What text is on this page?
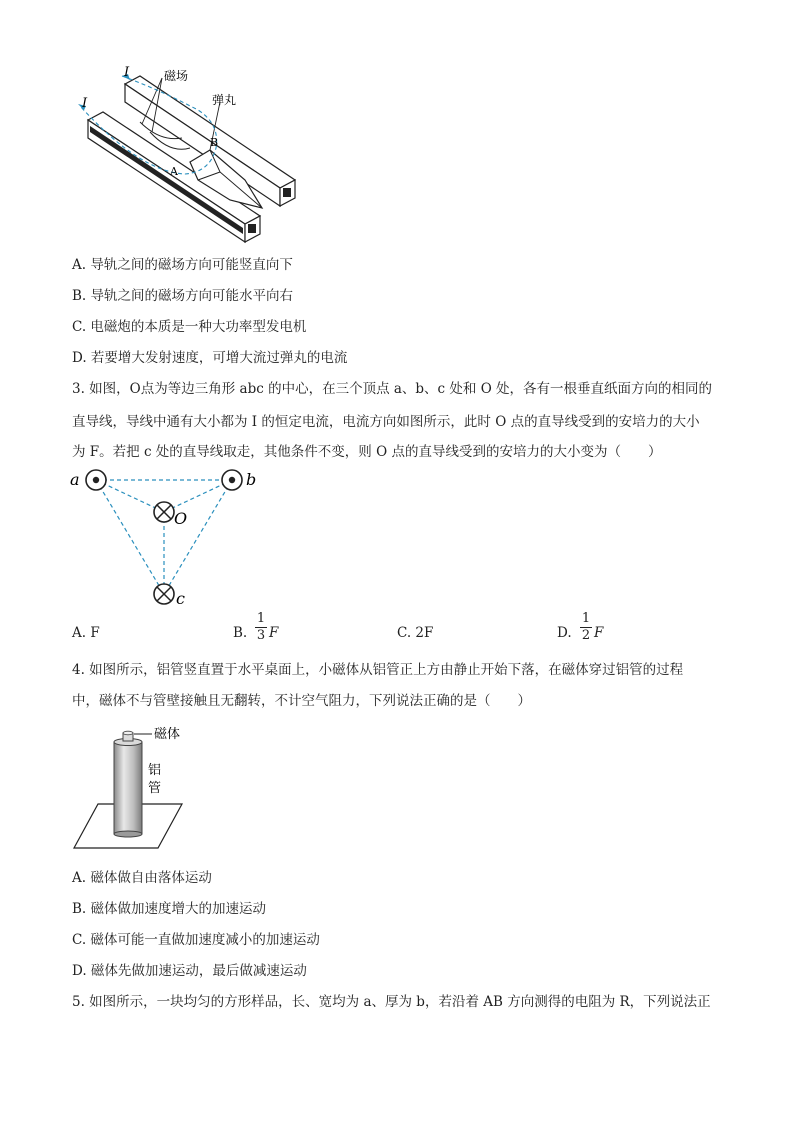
I
I
磁场
弹丸
B
A
A. 导轨之间的磁场方向可能竖直向下
B. 导轨之间的磁场方向可能水平向右
C. 电磁炮的本质是一种大功率型发电机
D. 若要增大发射速度，可增大流过弹丸的电流
3. 如图，O点为等边三角形 abc 的中心，在三个顶点 a、b、c 处和 O 处，各有一根垂直纸面方向的相同的
直导线，导线中通有大小都为 I 的恒定电流，电流方向如图所示，此时 O 点的直导线受到的安培力的大小
为 F。若把 c 处的直导线取走，其他条件不变，则 O 点的直导线受到的安培力的大小变为（　　）
a	b
O
c
A. F	B.
1
3 F	C. 2F	D.
1
2 F
4. 如图所示，铝管竖直置于水平桌面上，小磁体从铝管正上方由静止开始下落，在磁体穿过铝管的过程
中，磁体不与管壁接触且无翻转，不计空气阻力，下列说法正确的是（　　）
磁体
铝
管
A. 磁体做自由落体运动
B. 磁体做加速度增大的加速运动
C. 磁体可能一直做加速度减小的加速运动
D. 磁体先做加速运动，最后做减速运动
5. 如图所示，一块均匀的方形样品，长、宽均为 a、厚为 b，若沿着 AB 方向测得的电阻为 R，下列说法正
